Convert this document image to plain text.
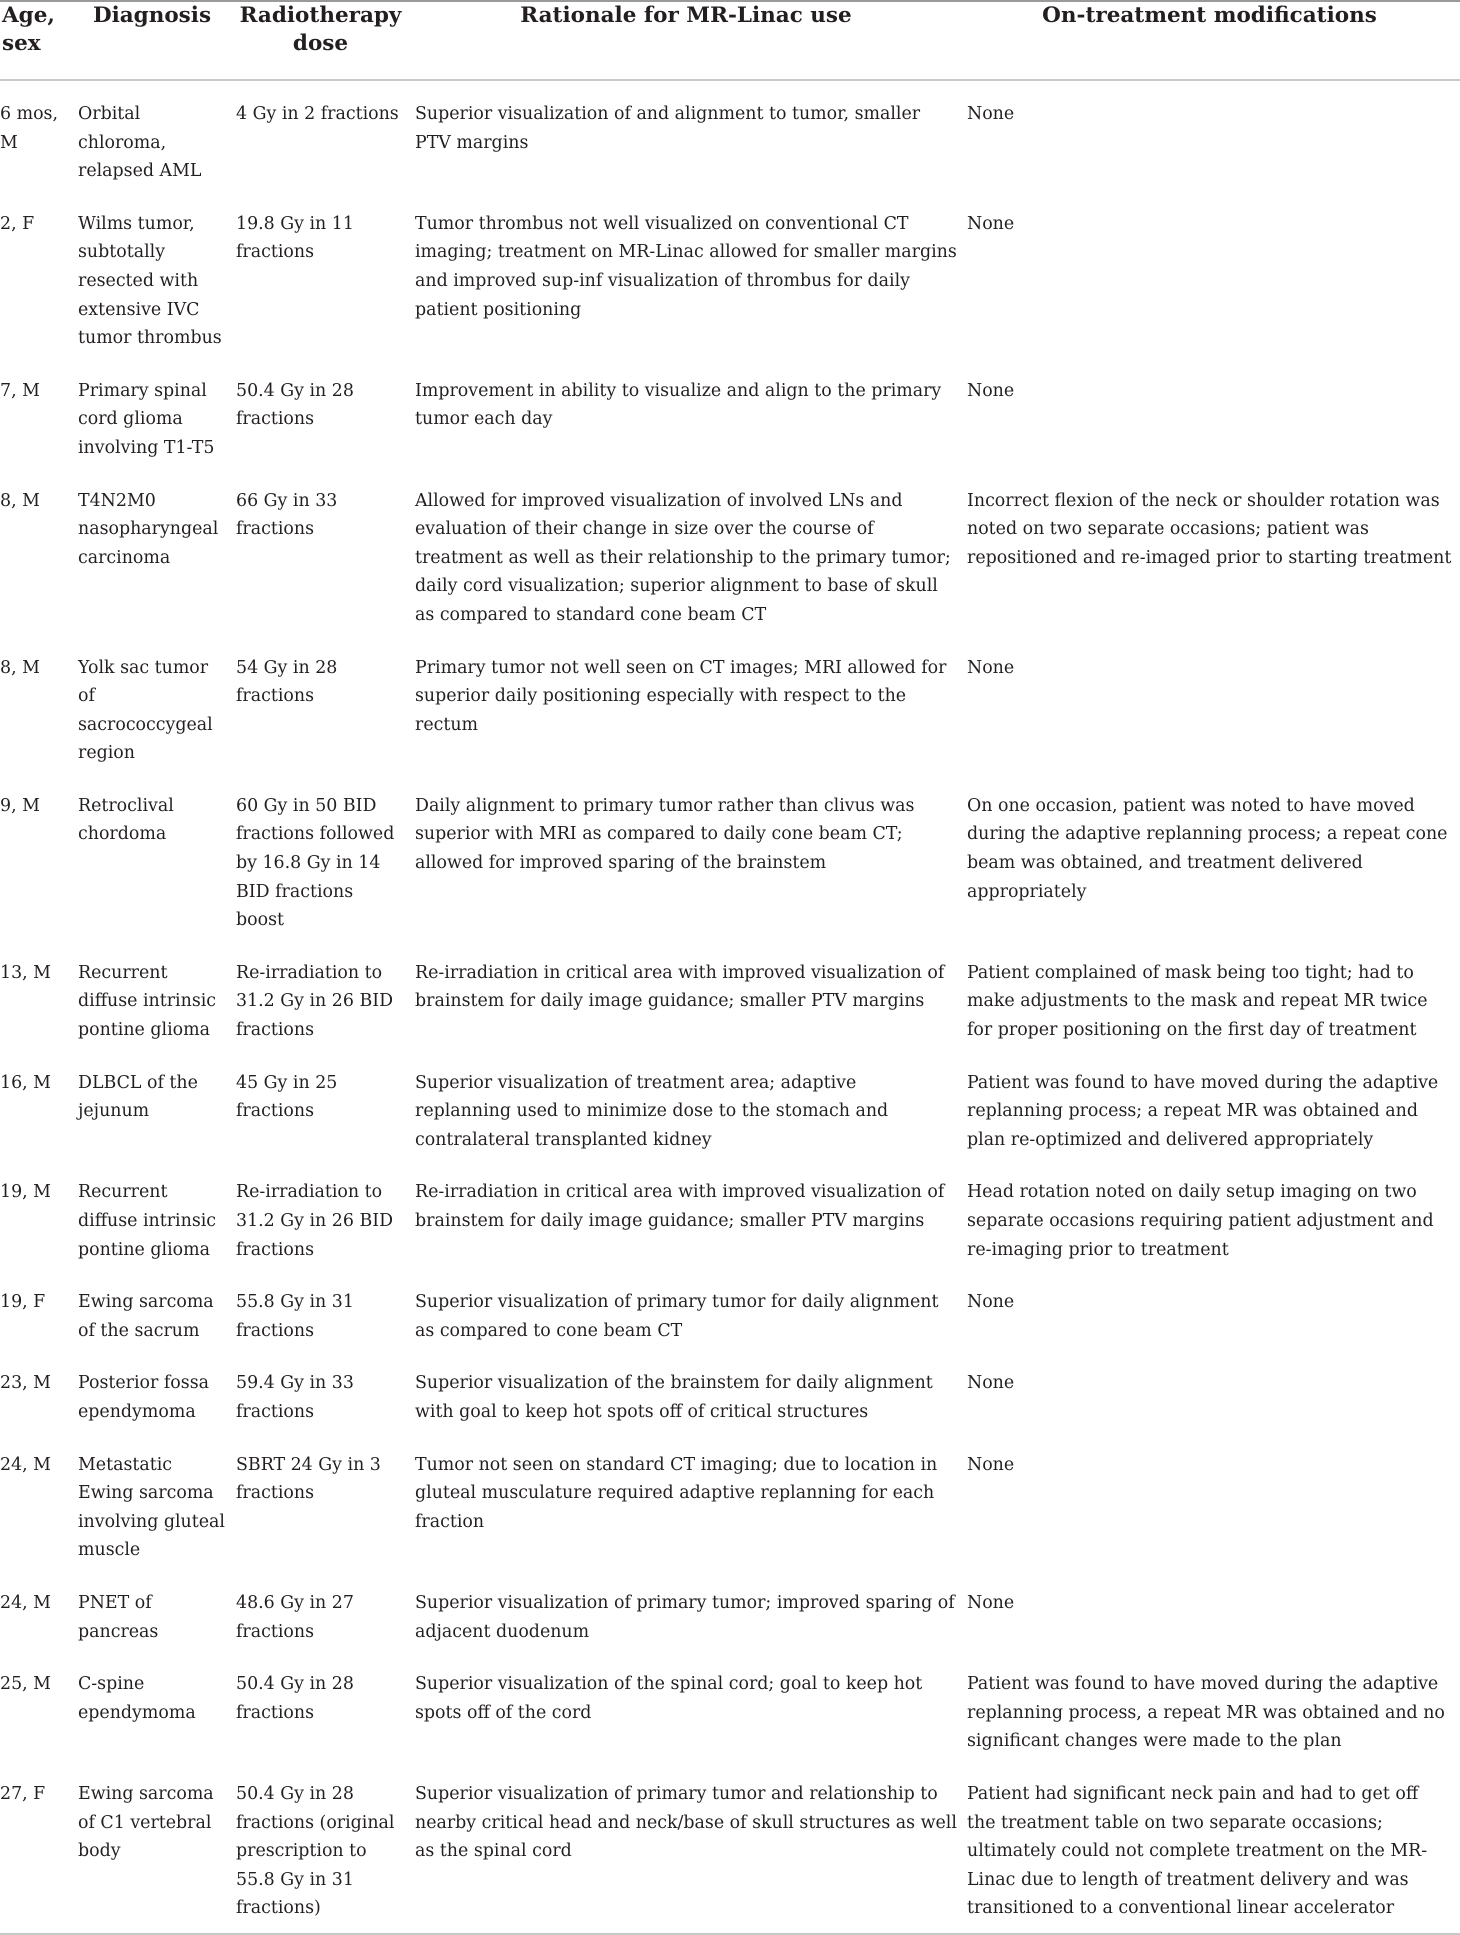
Age, sex	Diagnosis	Radiotherapy dose	Rationale for MR-Linac use	On-treatment modifications
6 mos, M	Orbital chloroma, relapsed AML	4 Gy in 2 fractions	Superior visualization of and alignment to tumor, smaller PTV margins	None
2, F	Wilms tumor, subtotally resected with extensive IVC tumor thrombus	19.8 Gy in 11 fractions	Tumor thrombus not well visualized on conventional CT imaging; treatment on MR-Linac allowed for smaller margins and improved sup-inf visualization of thrombus for daily patient positioning	None
7, M	Primary spinal cord glioma involving T1-T5	50.4 Gy in 28 fractions	Improvement in ability to visualize and align to the primary tumor each day	None
8, M	T4N2M0 nasopharyngeal carcinoma	66 Gy in 33 fractions	Allowed for improved visualization of involved LNs and evaluation of their change in size over the course of treatment as well as their relationship to the primary tumor; daily cord visualization; superior alignment to base of skull as compared to standard cone beam CT	Incorrect flexion of the neck or shoulder rotation was noted on two separate occasions; patient was repositioned and re-imaged prior to starting treatment
8, M	Yolk sac tumor of sacrococcygeal region	54 Gy in 28 fractions	Primary tumor not well seen on CT images; MRI allowed for superior daily positioning especially with respect to the rectum	None
9, M	Retroclival chordoma	60 Gy in 50 BID fractions followed by 16.8 Gy in 14 BID fractions boost	Daily alignment to primary tumor rather than clivus was superior with MRI as compared to daily cone beam CT; allowed for improved sparing of the brainstem	On one occasion, patient was noted to have moved during the adaptive replanning process; a repeat cone beam was obtained, and treatment delivered appropriately
13, M	Recurrent diffuse intrinsic pontine glioma	Re-irradiation to 31.2 Gy in 26 BID fractions	Re-irradiation in critical area with improved visualization of brainstem for daily image guidance; smaller PTV margins	Patient complained of mask being too tight; had to make adjustments to the mask and repeat MR twice for proper positioning on the first day of treatment
16, M	DLBCL of the jejunum	45 Gy in 25 fractions	Superior visualization of treatment area; adaptive replanning used to minimize dose to the stomach and contralateral transplanted kidney	Patient was found to have moved during the adaptive replanning process; a repeat MR was obtained and plan re-optimized and delivered appropriately
19, M	Recurrent diffuse intrinsic pontine glioma	Re-irradiation to 31.2 Gy in 26 BID fractions	Re-irradiation in critical area with improved visualization of brainstem for daily image guidance; smaller PTV margins	Head rotation noted on daily setup imaging on two separate occasions requiring patient adjustment and re-imaging prior to treatment
19, F	Ewing sarcoma of the sacrum	55.8 Gy in 31 fractions	Superior visualization of primary tumor for daily alignment as compared to cone beam CT	None
23, M	Posterior fossa ependymoma	59.4 Gy in 33 fractions	Superior visualization of the brainstem for daily alignment with goal to keep hot spots off of critical structures	None
24, M	Metastatic Ewing sarcoma involving gluteal muscle	SBRT 24 Gy in 3 fractions	Tumor not seen on standard CT imaging; due to location in gluteal musculature required adaptive replanning for each fraction	None
24, M	PNET of pancreas	48.6 Gy in 27 fractions	Superior visualization of primary tumor; improved sparing of adjacent duodenum	None
25, M	C-spine ependymoma	50.4 Gy in 28 fractions	Superior visualization of the spinal cord; goal to keep hot spots off of the cord	Patient was found to have moved during the adaptive replanning process, a repeat MR was obtained and no significant changes were made to the plan
27, F	Ewing sarcoma of C1 vertebral body	50.4 Gy in 28 fractions (original prescription to 55.8 Gy in 31 fractions)	Superior visualization of primary tumor and relationship to nearby critical head and neck/base of skull structures as well as the spinal cord	Patient had significant neck pain and had to get off the treatment table on two separate occasions; ultimately could not complete treatment on the MR-Linac due to length of treatment delivery and was transitioned to a conventional linear accelerator
